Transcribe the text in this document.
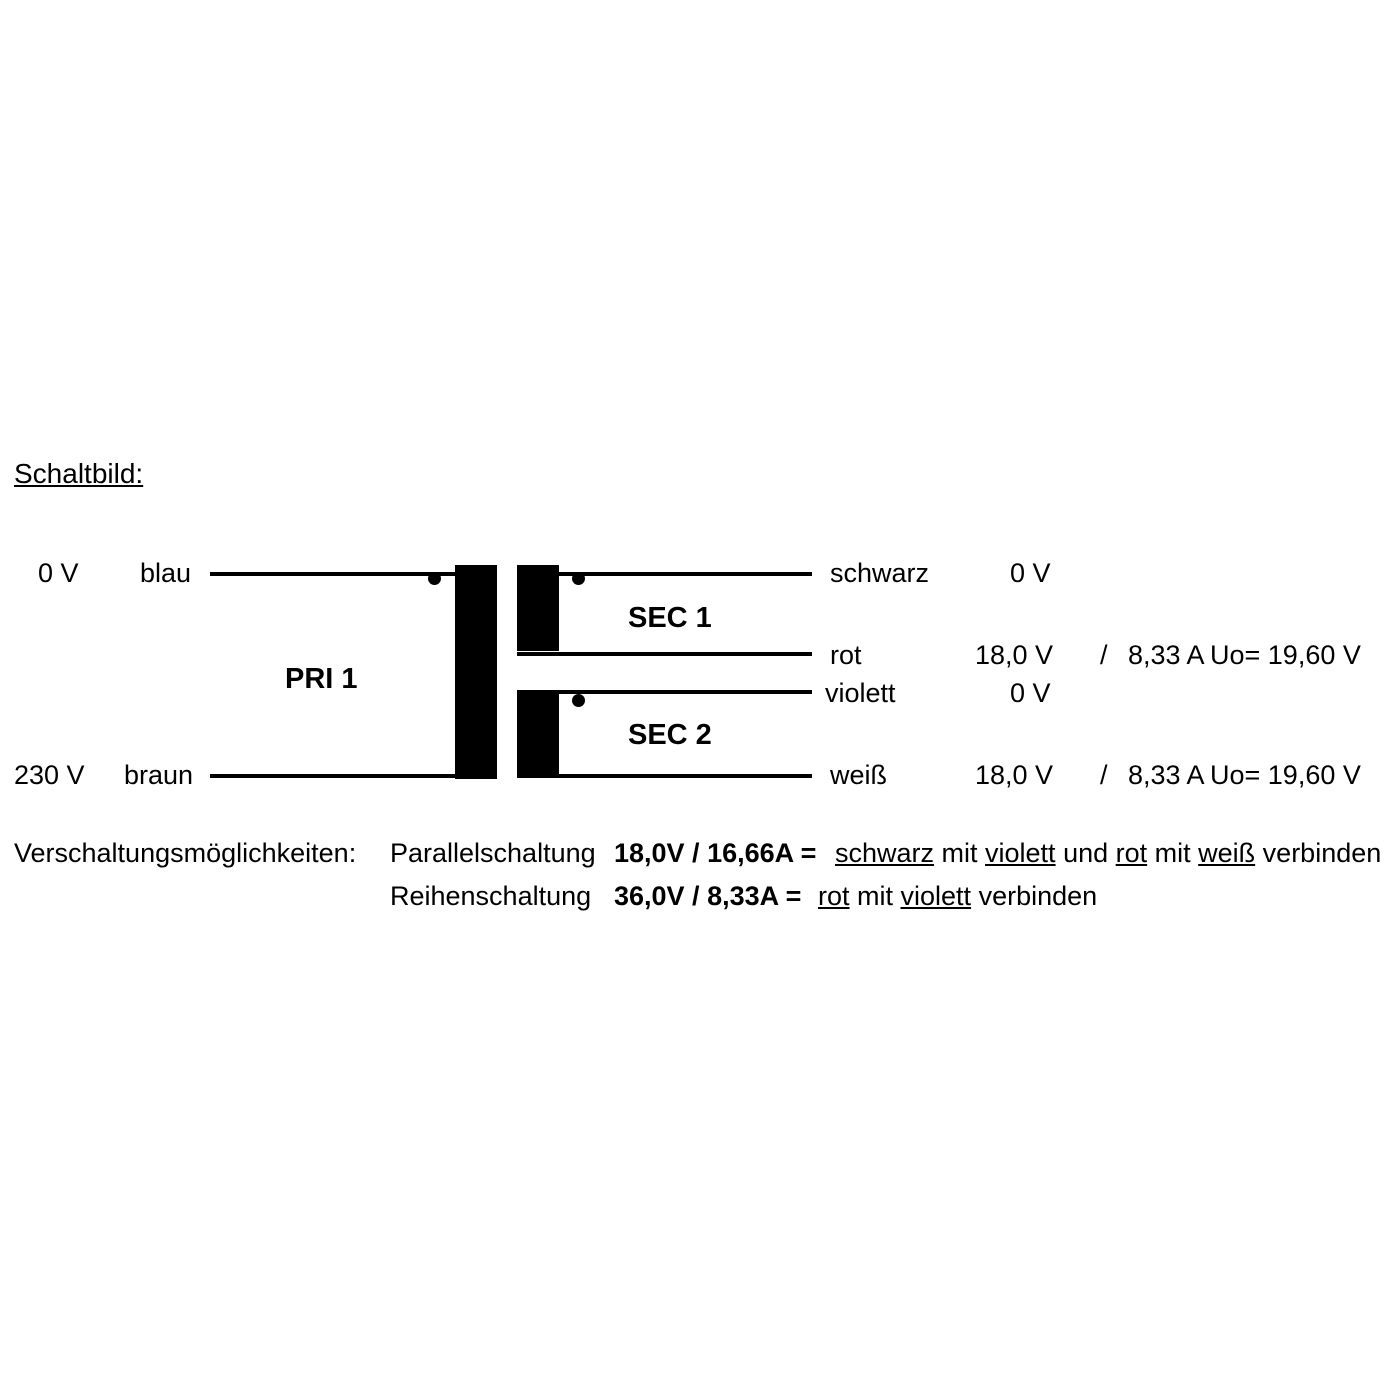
Schaltbild:
0 V blau
230 V braun
PRI 1
SEC 1
schwarz	0 V
rot	18,0 V / 8,33 A Uo= 19,60 V
SEC 2
violett	0 V
weiß	18,0 V / 8,33 A Uo= 19,60 V
Verschaltungsmöglichkeiten: Parallelschaltung 18,0V / 16,66A = schwarz mit violett und rot mit weiß verbinden
Reihenschaltung 36,0V / 8,33A = rot mit violett verbinden
